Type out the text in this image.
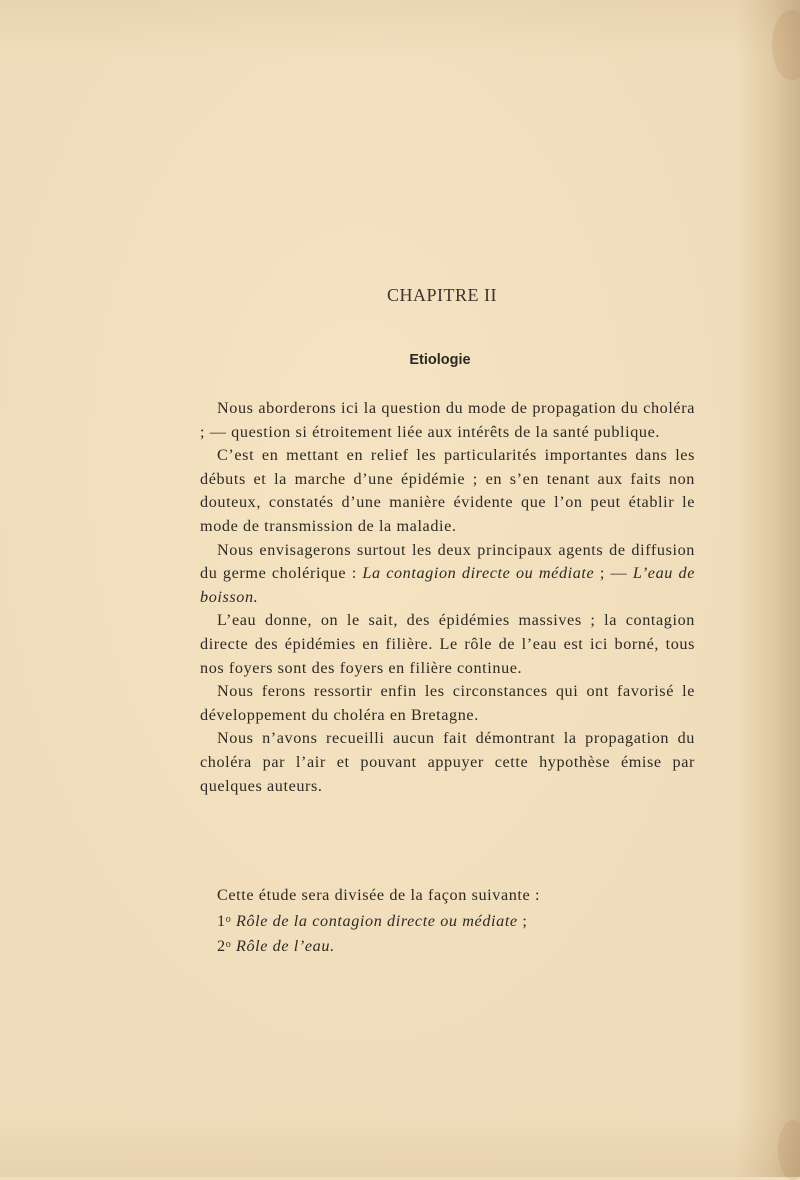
CHAPITRE II
Etiologie

Nous aborderons ici la question du mode de propagation du choléra ; — question si étroitement liée aux intérêts de la santé publique.

C’est en mettant en relief les particularités importantes dans les débuts et la marche d’une épidémie ; en s’en tenant aux faits non douteux, constatés d’une manière évidente que l’on peut établir le mode de transmission de la maladie.

Nous envisagerons surtout les deux principaux agents de diffusion du germe cholérique : La contagion directe ou médiate ; — L’eau de boisson.

L’eau donne, on le sait, des épidémies massives ; la contagion directe des épidémies en filière. Le rôle de l’eau est ici borné, tous nos foyers sont des foyers en filière continue.

Nous ferons ressortir enfin les circonstances qui ont favorisé le développement du choléra en Bretagne.

Nous n’avons recueilli aucun fait démontrant la propagation du choléra par l’air et pouvant appuyer cette hypothèse émise par quelques auteurs.

Cette étude sera divisée de la façon suivante :

1$^o$ Rôle de la contagion directe ou médiate ;

2$^o$ Rôle de l’eau.
